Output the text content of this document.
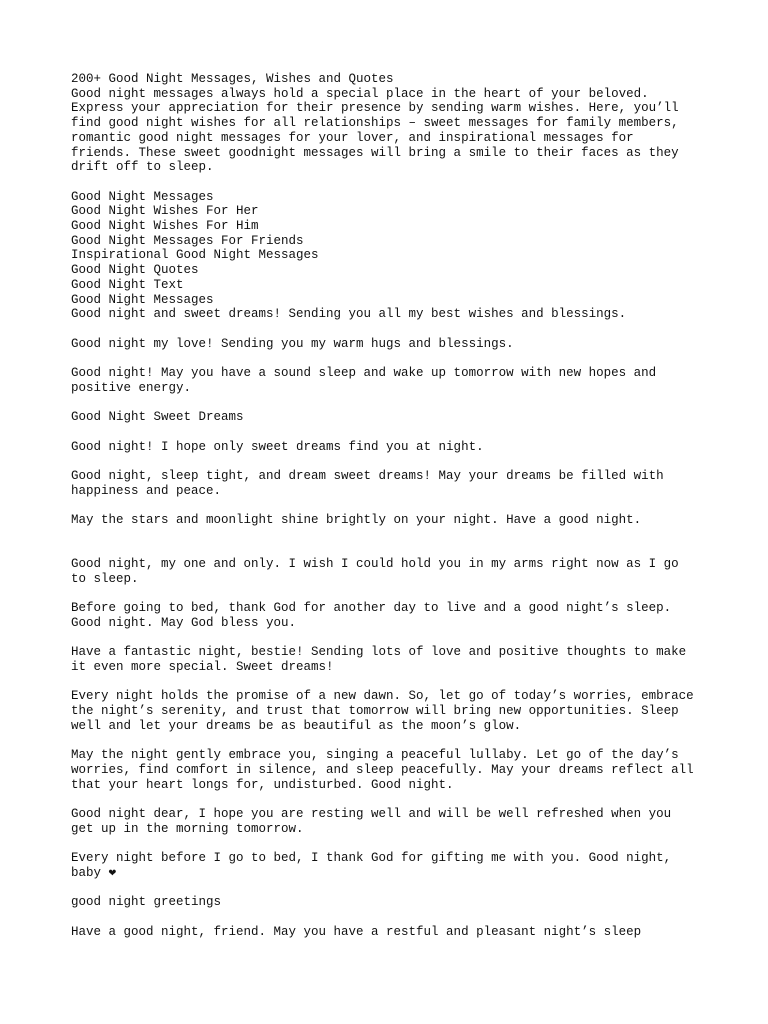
200+ Good Night Messages, Wishes and Quotes
Good night messages always hold a special place in the heart of your beloved.
Express your appreciation for their presence by sending warm wishes. Here, you’ll
find good night wishes for all relationships – sweet messages for family members,
romantic good night messages for your lover, and inspirational messages for
friends. These sweet goodnight messages will bring a smile to their faces as they
drift off to sleep.
Good Night Messages
Good Night Wishes For Her
Good Night Wishes For Him
Good Night Messages For Friends
Inspirational Good Night Messages
Good Night Quotes
Good Night Text
Good Night Messages
Good night and sweet dreams! Sending you all my best wishes and blessings.
Good night my love! Sending you my warm hugs and blessings.
Good night! May you have a sound sleep and wake up tomorrow with new hopes and
positive energy.
Good Night Sweet Dreams
Good night! I hope only sweet dreams find you at night.
Good night, sleep tight, and dream sweet dreams! May your dreams be filled with
happiness and peace.
May the stars and moonlight shine brightly on your night. Have a good night.
Good night, my one and only. I wish I could hold you in my arms right now as I go
to sleep.
Before going to bed, thank God for another day to live and a good night’s sleep.
Good night. May God bless you.
Have a fantastic night, bestie! Sending lots of love and positive thoughts to make
it even more special. Sweet dreams!
Every night holds the promise of a new dawn. So, let go of today’s worries, embrace
the night’s serenity, and trust that tomorrow will bring new opportunities. Sleep
well and let your dreams be as beautiful as the moon’s glow.
May the night gently embrace you, singing a peaceful lullaby. Let go of the day’s
worries, find comfort in silence, and sleep peacefully. May your dreams reflect all
that your heart longs for, undisturbed. Good night.
Good night dear, I hope you are resting well and will be well refreshed when you
get up in the morning tomorrow.
Every night before I go to bed, I thank God for gifting me with you. Good night,
baby ❤
good night greetings
Have a good night, friend. May you have a restful and pleasant night’s sleep
